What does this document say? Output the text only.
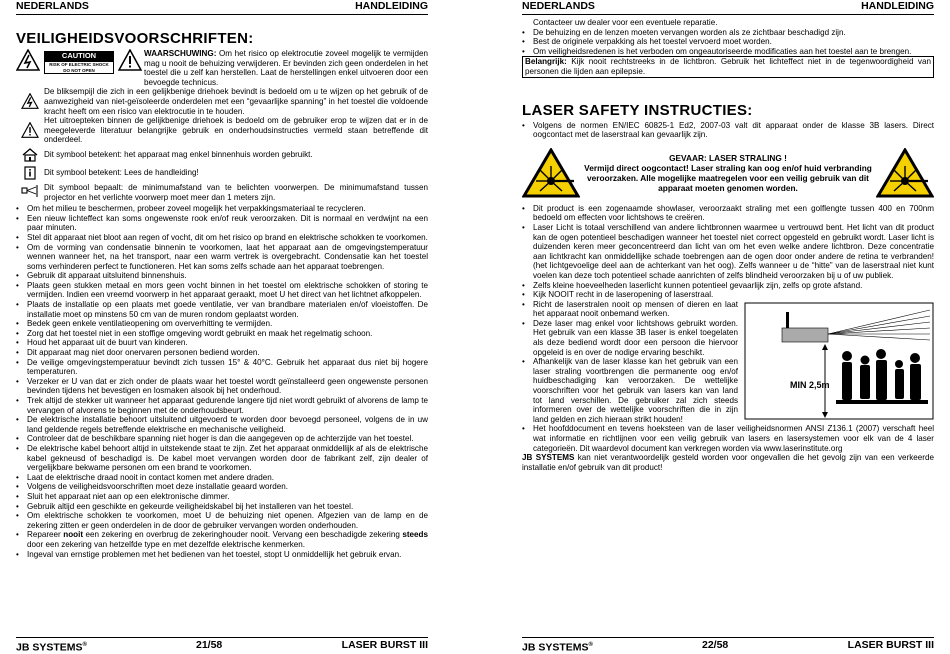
NEDERLANDS	HANDLEIDING
VEILIGHEIDSVOORSCHRIFTEN:
CAUTION
RISK OF ELECTRIC SHOCK
DO NOT OPEN

WAARSCHUWING: Om het risico op elektrocutie zoveel mogelijk te vermijden mag u nooit de behuizing verwijderen. Er bevinden zich geen onderdelen in het toestel die u zelf kan herstellen. Laat de herstellingen enkel uitvoeren door een bevoegde technicus.

De bliksempijl die zich in een gelijkbenige driehoek bevindt is bedoeld om u te wijzen op het gebruik of de aanwezigheid van niet-geïsoleerde onderdelen met een “gevaarlijke spanning” in het toestel die voldoende kracht heeft om een risico van elektrocutie in te houden.

Het uitroepteken binnen de gelijkbenige driehoek is bedoeld om de gebruiker erop te wijzen dat er in de meegeleverde literatuur belangrijke gebruik en onderhoudsinstructies vermeld staan betreffende dit onderdeel.

Dit symbool betekent: het apparaat mag enkel binnenhuis worden gebruikt.

Dit symbool betekent: Lees de handleiding!

Dit symbool bepaalt: de minimumafstand van te belichten voorwerpen. De minimumafstand tussen projector en het verlichte voorwerp moet meer dan 1 meters zijn.

• Om het milieu te beschermen, probeer zoveel mogelijk het verpakkingsmateriaal te recycleren.
• Een nieuw lichteffect kan soms ongewenste rook en/of reuk veroorzaken. Dit is normaal en verdwijnt na een paar minuten.
• Stel dit apparaat niet bloot aan regen of vocht, dit om het risico op brand en elektrische schokken te voorkomen.
• Om de vorming van condensatie binnenin te voorkomen, laat het apparaat aan de omgevingstemperatuur wennen wanneer het, na het transport, naar een warm vertrek is overgebracht. Condensatie kan het toestel soms verhinderen perfect te functioneren. Het kan soms zelfs schade aan het apparaat toebrengen.
• Gebruik dit apparaat uitsluitend binnenshuis.
• Plaats geen stukken metaal en mors geen vocht binnen in het toestel om elektrische schokken of storing te vermijden. Indien een vreemd voorwerp in het apparaat geraakt, moet U het direct van het lichtnet afkoppelen.
• Plaats de installatie op een plaats met goede ventilatie, ver van brandbare materialen en/of vloeistoffen. De installatie moet op minstens 50 cm van de muren rondom geplaatst worden.
• Bedek geen enkele ventilatieopening om oververhitting te vermijden.
• Zorg dat het toestel niet in een stoffige omgeving wordt gebruikt en maak het regelmatig schoon.
• Houd het apparaat uit de buurt van kinderen.
• Dit apparaat mag niet door onervaren personen bediend worden.
• De veilige omgevingstemperatuur bevindt zich tussen 15° & 40°C. Gebruik het apparaat dus niet bij hogere temperaturen.
• Verzeker er U van dat er zich onder de plaats waar het toestel wordt geïnstalleerd geen ongewenste personen bevinden tijdens het bevestigen en losmaken alsook bij het onderhoud.
• Trek altijd de stekker uit wanneer het apparaat gedurende langere tijd niet wordt gebruikt of alvorens de lamp te vervangen of alvorens te beginnen met de onderhoudsbeurt.
• De elektrische installatie behoort uitsluitend uitgevoerd te worden door bevoegd personeel, volgens de in uw land geldende regels betreffende elektrische en mechanische veiligheid.
• Controleer dat de beschikbare spanning niet hoger is dan die aangegeven op de achterzijde van het toestel.
• De elektrische kabel behoort altijd in uitstekende staat te zijn. Zet het apparaat onmiddellijk af als de elektrische kabel gekneusd of beschadigd is. De kabel moet vervangen worden door de fabrikant zelf, zijn dealer of vergelijkbare bekwame personen om een brand te voorkomen.
• Laat de elektrische draad nooit in contact komen met andere draden.
• Volgens de veiligheidsvoorschriften moet deze installatie geaard worden.
• Sluit het apparaat niet aan op een elektronische dimmer.
• Gebruik altijd een geschikte en gekeurde veiligheidskabel bij het installeren van het toestel.
• Om elektrische schokken te voorkomen, moet U de behuizing niet openen. Afgezien van de lamp en de zekering zitten er geen onderdelen in de door de gebruiker vervangen worden onderhouden.
• Repareer nooit een zekering en overbrug de zekeringhouder nooit. Vervang een beschadigde zekering steeds door een zekering van hetzelfde type en met dezelfde elektrische kenmerken.
• Ingeval van ernstige problemen met het bedienen van het toestel, stopt U onmiddellijk het gebruik ervan.
JB SYSTEMS®	21/58	LASER BURST III
NEDERLANDS	HANDLEIDING

Contacteer uw dealer voor een eventuele reparatie.

• De behuizing en de lenzen moeten vervangen worden als ze zichtbaar beschadigd zijn.
• Best de originele verpakking als het toestel vervoerd moet worden.
• Om veiligheidsredenen is het verboden om ongeautoriseerde modificaties aan het toestel aan te brengen.
Belangrijk: Kijk nooit rechtstreeks in de lichtbron. Gebruik het lichteffect niet in de tegenwoordigheid van personen die lijden aan epilepsie.
LASER SAFETY INSTRUCTIES:
• Volgens de normen EN/IEC 60825-1 Ed2, 2007-03 valt dit apparaat onder de klasse 3B lasers. Direct oogcontact met de laserstraal kan gevaarlijk zijn.
GEVAAR: LASER STRALING !
Vermijd direct oogcontact! Laser straling kan oog en/of huid verbranding veroorzaken. Alle mogelijke maatregelen voor een veilig gebruik van dit apparaat moeten genomen worden.
• Dit product is een zogenaamde showlaser, veroorzaakt straling met een golflengte tussen 400 en 700nm bedoeld om effecten voor lichtshows te creëren.
• Laser Licht is totaal verschillend van andere lichtbronnen waarmee u vertrouwd bent. Het licht van dit product kan de ogen potentieel beschadigen wanneer het toestel niet correct opgesteld en gebruikt wordt. Laser licht is duizenden keren meer geconcentreerd dan licht van om het even welke andere lichtbron. Deze concentratie aan lichtkracht kan onmiddellijke schade toebrengen aan de ogen door onder andere de retina te verbranden! (het lichtgevoelige deel aan de achterkant van het oog). Zelfs wanneer u de “hitte” van de laserstraal niet kunt voelen kan deze toch potentieel schade aanrichten of zelfs blindheid veroorzaken bij u of uw publiek.
• Zelfs kleine hoeveelheden laserlicht kunnen potentieel gevaarlijk zijn, zelfs op grote afstand.
• Kijk NOOIT recht in de laseropening of laserstraal.
• MIN 2,5m
Richt de laserstralen nooit op mensen of dieren en laat het apparaat nooit onbemand werken.
• Deze laser mag enkel voor lichtshows gebruikt worden. Het gebruik van een klasse 3B laser is enkel toegelaten als deze bediend wordt door een persoon die hiervoor opgeleid is en over de nodige ervaring beschikt.
• Afhankelijk van de laser klasse kan het gebruik van een laser straling voortbrengen die permanente oog en/of huidbeschadiging kan veroorzaken. De wettelijke voorschriften voor het gebruik van lasers kan van land tot land verschillen. De gebruiker zal zich steeds informeren over de wettelijke voorschriften die in zijn land gelden en zich hieraan strikt houden!
• Het hoofddocument en tevens hoeksteen van de laser veiligheidsnormen ANSI Z136.1 (2007) verschaft heel wat informatie en richtlijnen voor een veilig gebruik van lasers en lasersystemen voor elk van de 4 laser categorieën. Dit waardevol document kan verkregen worden via www.laserinstitute.org

JB SYSTEMS kan niet verantwoordelijk gesteld worden voor ongevallen die het gevolg zijn van een verkeerde installatie en/of gebruik van dit product!

JB SYSTEMS®	22/58	LASER BURST III
